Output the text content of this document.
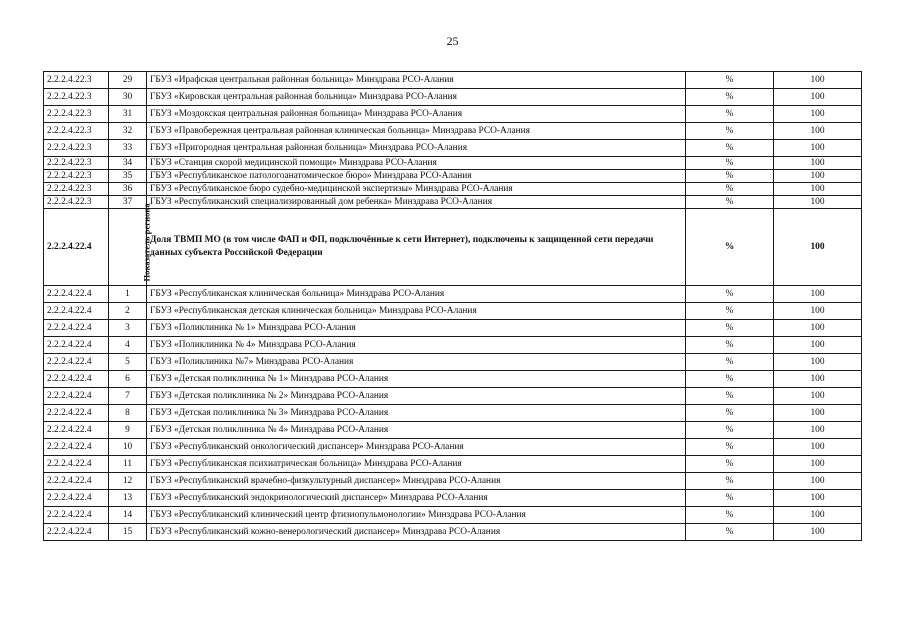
25
2.2.2.4.22.3	29	ГБУЗ «Ирафская центральная районная больница» Минздрава РСО-Алания	%	100
2.2.2.4.22.3	30	ГБУЗ «Кировская центральная районная больница» Минздрава РСО-Алания	%	100
2.2.2.4.22.3	31	ГБУЗ «Моздокская центральная районная больница» Минздрава РСО-Алания	%	100
2.2.2.4.22.3	32	ГБУЗ «Правобережная центральная районная клиническая больница» Минздрава РСО-Алания	%	100
2.2.2.4.22.3	33	ГБУЗ «Пригородная центральная районная больница» Минздрава РСО-Алания	%	100
2.2.2.4.22.3	34	ГБУЗ «Станция скорой медицинской помощи» Минздрава РСО-Алания	%	100
2.2.2.4.22.3	35	ГБУЗ «Республиканское патологоанатомическое бюро» Минздрава РСО-Алания	%	100
2.2.2.4.22.3	36	ГБУЗ «Республиканское бюро судебно-медицинской экспертизы» Минздрава РСО-Алания	%	100
2.2.2.4.22.3	37	ГБУЗ «Республиканский специализированный дом ребенка» Минздрава РСО-Алания	%	100
2.2.2.4.22.4	Показатель региона	Доля ТВМП МО (в том числе ФАП и ФП, подключённые к сети Интернет), подключены к защищенной сети передачи данных субъекта Российской Федерации	%	100
2.2.2.4.22.4	1	ГБУЗ «Республиканская клиническая больница» Минздрава РСО-Алания	%	100
2.2.2.4.22.4	2	ГБУЗ «Республиканская детская клиническая больница» Минздрава РСО-Алания	%	100
2.2.2.4.22.4	3	ГБУЗ «Поликлиника № 1» Минздрава РСО-Алания	%	100
2.2.2.4.22.4	4	ГБУЗ «Поликлиника № 4» Минздрава РСО-Алания	%	100
2.2.2.4.22.4	5	ГБУЗ «Поликлиника №7» Минздрава РСО-Алания	%	100
2.2.2.4.22.4	6	ГБУЗ «Детская поликлиника № 1» Минздрава РСО-Алания	%	100
2.2.2.4.22.4	7	ГБУЗ «Детская поликлиника № 2» Минздрава РСО-Алания	%	100
2.2.2.4.22.4	8	ГБУЗ «Детская поликлиника № 3» Минздрава РСО-Алания	%	100
2.2.2.4.22.4	9	ГБУЗ «Детская поликлиника № 4» Минздрава РСО-Алания	%	100
2.2.2.4.22.4	10	ГБУЗ «Республиканский онкологический диспансер» Минздрава РСО-Алания	%	100
2.2.2.4.22.4	11	ГБУЗ «Республиканская психиатрическая больница» Минздрава РСО-Алания	%	100
2.2.2.4.22.4	12	ГБУЗ «Республиканский врачебно-физкультурный диспансер» Минздрава РСО-Алания	%	100
2.2.2.4.22.4	13	ГБУЗ «Республиканский эндокринологический диспансер» Минздрава РСО-Алания	%	100
2.2.2.4.22.4	14	ГБУЗ «Республиканский клинический центр фтизиопульмонологии» Минздрава РСО-Алания	%	100
2.2.2.4.22.4	15	ГБУЗ «Республиканский кожно-венерологический диспансер» Минздрава РСО-Алания	%	100
